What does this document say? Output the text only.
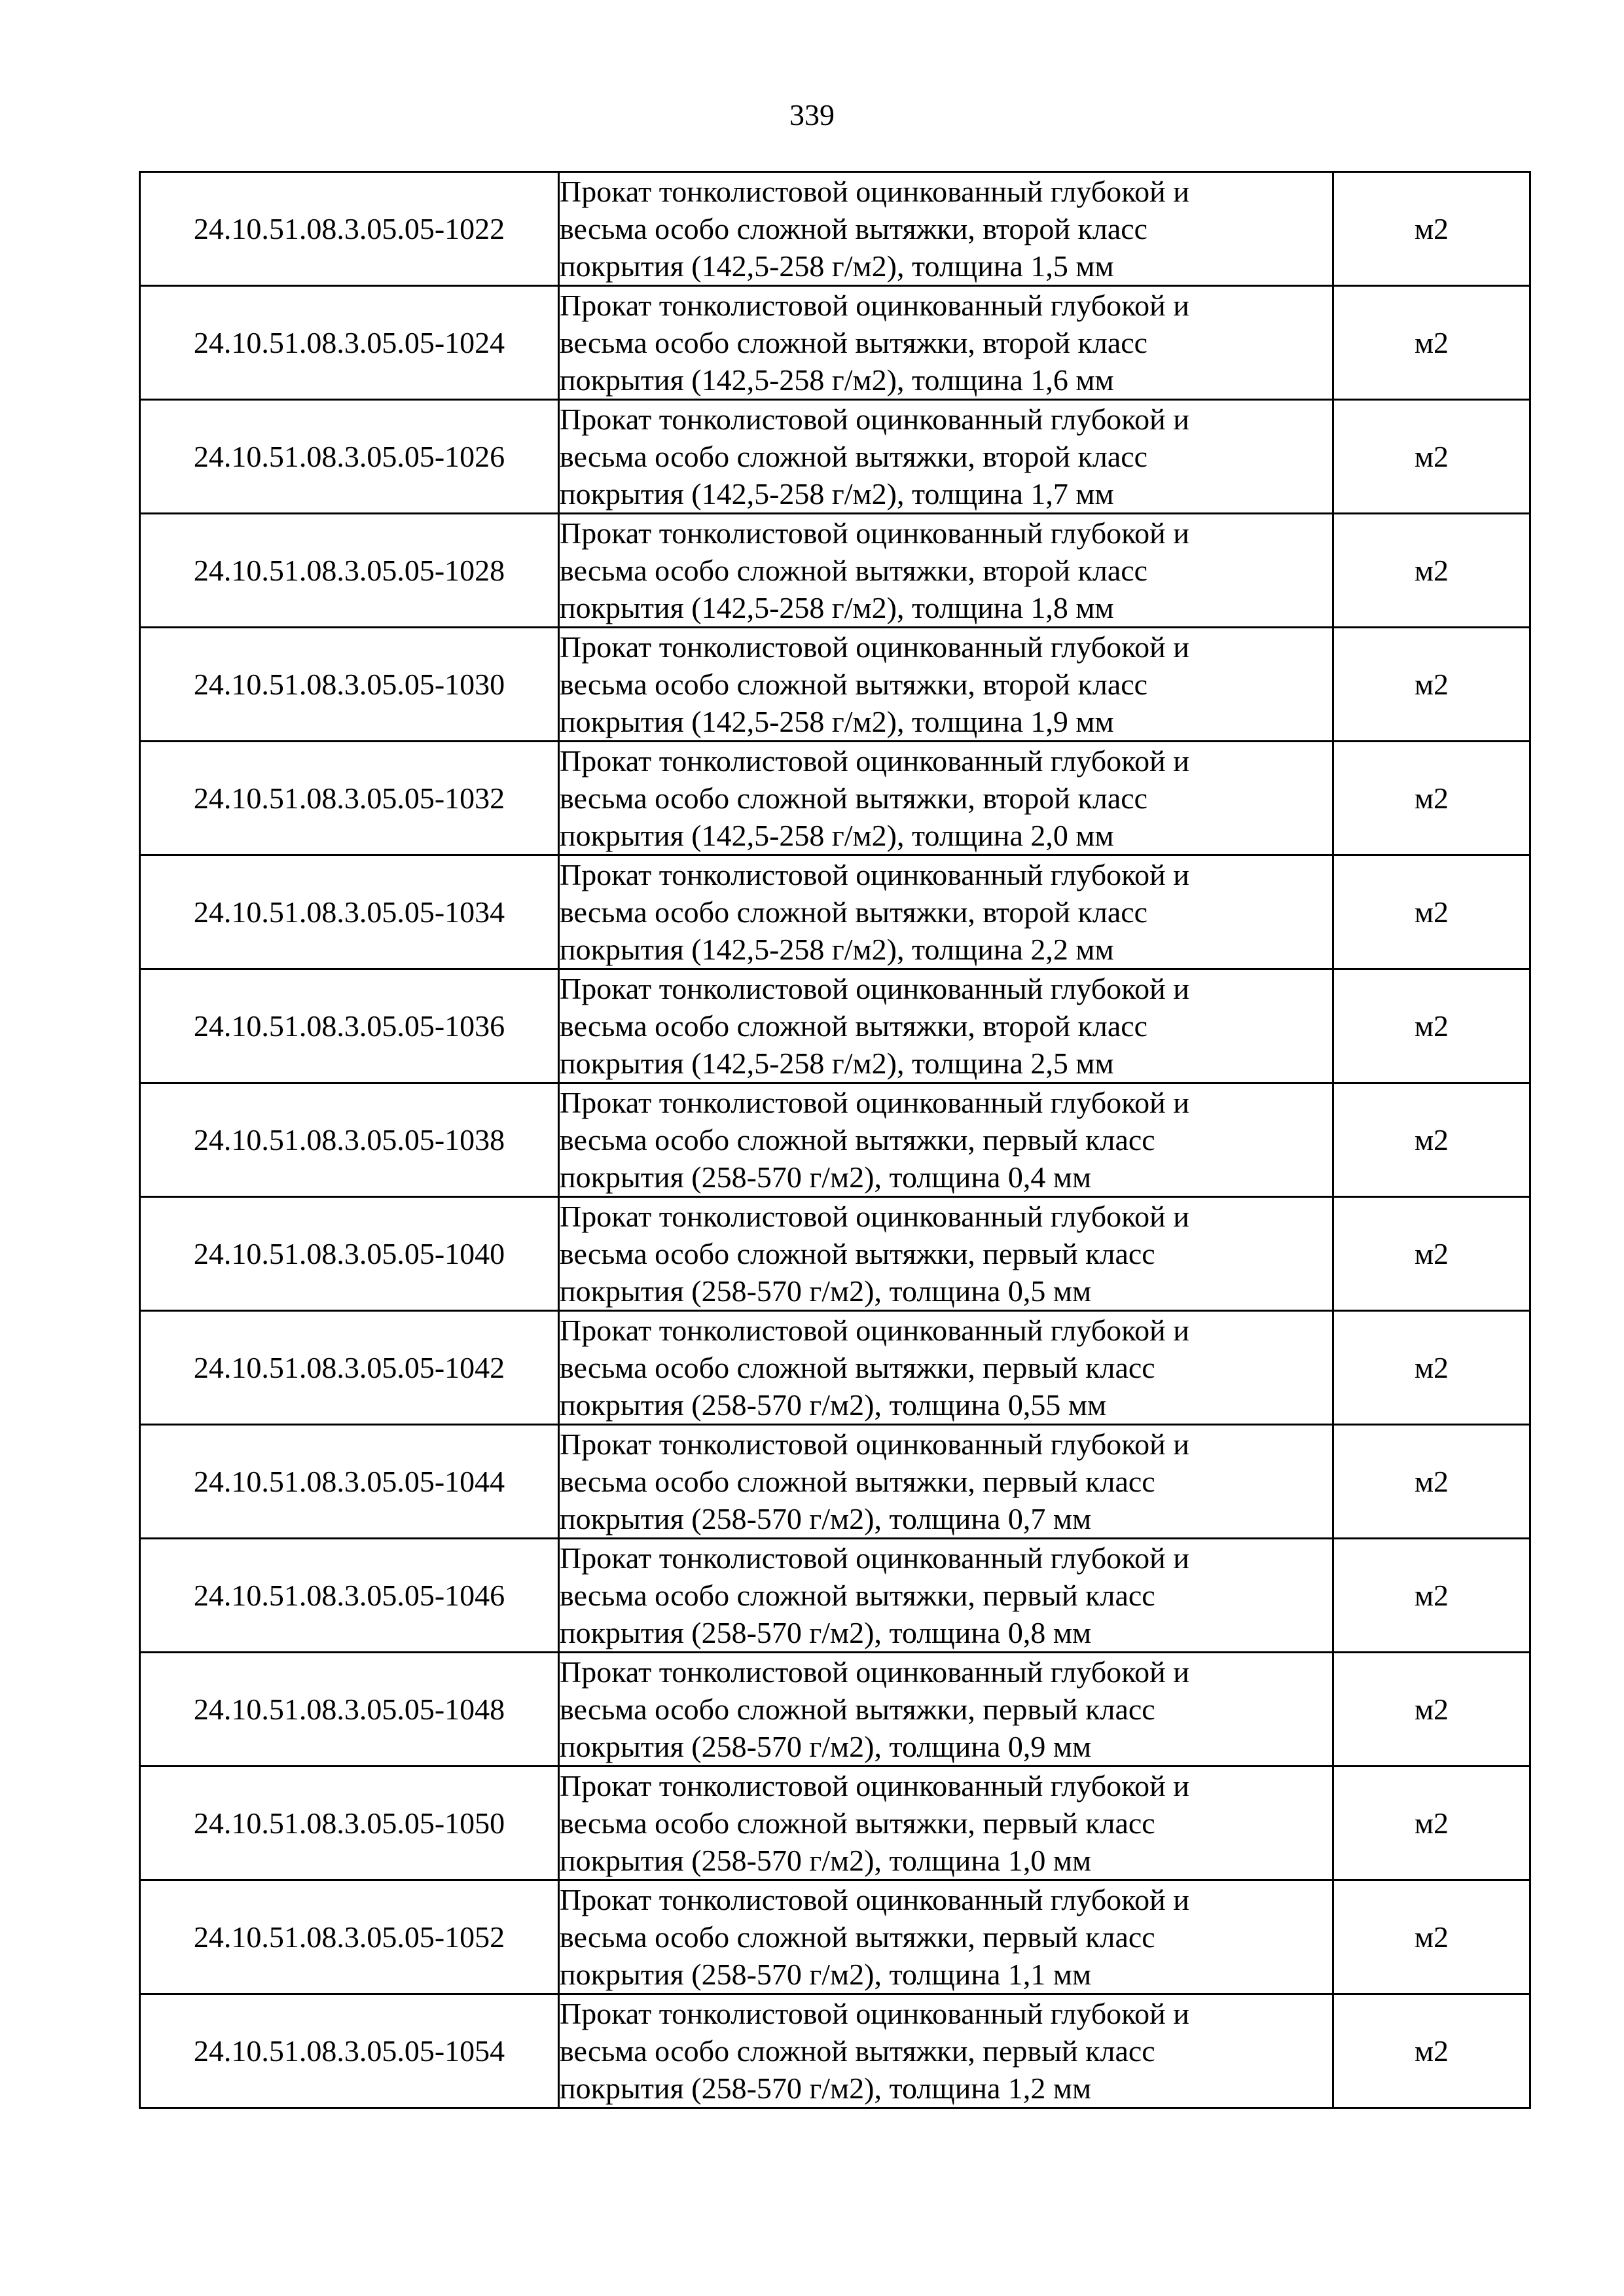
339
24.10.51.08.3.05.05-1022	Прокат тонколистовой оцинкованный глубокой и
весьма особо сложной вытяжки, второй класс
покрытия (142,5-258 г/м2), толщина 1,5 мм	м2
24.10.51.08.3.05.05-1024	Прокат тонколистовой оцинкованный глубокой и
весьма особо сложной вытяжки, второй класс
покрытия (142,5-258 г/м2), толщина 1,6 мм	м2
24.10.51.08.3.05.05-1026	Прокат тонколистовой оцинкованный глубокой и
весьма особо сложной вытяжки, второй класс
покрытия (142,5-258 г/м2), толщина 1,7 мм	м2
24.10.51.08.3.05.05-1028	Прокат тонколистовой оцинкованный глубокой и
весьма особо сложной вытяжки, второй класс
покрытия (142,5-258 г/м2), толщина 1,8 мм	м2
24.10.51.08.3.05.05-1030	Прокат тонколистовой оцинкованный глубокой и
весьма особо сложной вытяжки, второй класс
покрытия (142,5-258 г/м2), толщина 1,9 мм	м2
24.10.51.08.3.05.05-1032	Прокат тонколистовой оцинкованный глубокой и
весьма особо сложной вытяжки, второй класс
покрытия (142,5-258 г/м2), толщина 2,0 мм	м2
24.10.51.08.3.05.05-1034	Прокат тонколистовой оцинкованный глубокой и
весьма особо сложной вытяжки, второй класс
покрытия (142,5-258 г/м2), толщина 2,2 мм	м2
24.10.51.08.3.05.05-1036	Прокат тонколистовой оцинкованный глубокой и
весьма особо сложной вытяжки, второй класс
покрытия (142,5-258 г/м2), толщина 2,5 мм	м2
24.10.51.08.3.05.05-1038	Прокат тонколистовой оцинкованный глубокой и
весьма особо сложной вытяжки, первый класс
покрытия (258-570 г/м2), толщина 0,4 мм	м2
24.10.51.08.3.05.05-1040	Прокат тонколистовой оцинкованный глубокой и
весьма особо сложной вытяжки, первый класс
покрытия (258-570 г/м2), толщина 0,5 мм	м2
24.10.51.08.3.05.05-1042	Прокат тонколистовой оцинкованный глубокой и
весьма особо сложной вытяжки, первый класс
покрытия (258-570 г/м2), толщина 0,55 мм	м2
24.10.51.08.3.05.05-1044	Прокат тонколистовой оцинкованный глубокой и
весьма особо сложной вытяжки, первый класс
покрытия (258-570 г/м2), толщина 0,7 мм	м2
24.10.51.08.3.05.05-1046	Прокат тонколистовой оцинкованный глубокой и
весьма особо сложной вытяжки, первый класс
покрытия (258-570 г/м2), толщина 0,8 мм	м2
24.10.51.08.3.05.05-1048	Прокат тонколистовой оцинкованный глубокой и
весьма особо сложной вытяжки, первый класс
покрытия (258-570 г/м2), толщина 0,9 мм	м2
24.10.51.08.3.05.05-1050	Прокат тонколистовой оцинкованный глубокой и
весьма особо сложной вытяжки, первый класс
покрытия (258-570 г/м2), толщина 1,0 мм	м2
24.10.51.08.3.05.05-1052	Прокат тонколистовой оцинкованный глубокой и
весьма особо сложной вытяжки, первый класс
покрытия (258-570 г/м2), толщина 1,1 мм	м2
24.10.51.08.3.05.05-1054	Прокат тонколистовой оцинкованный глубокой и
весьма особо сложной вытяжки, первый класс
покрытия (258-570 г/м2), толщина 1,2 мм	м2
